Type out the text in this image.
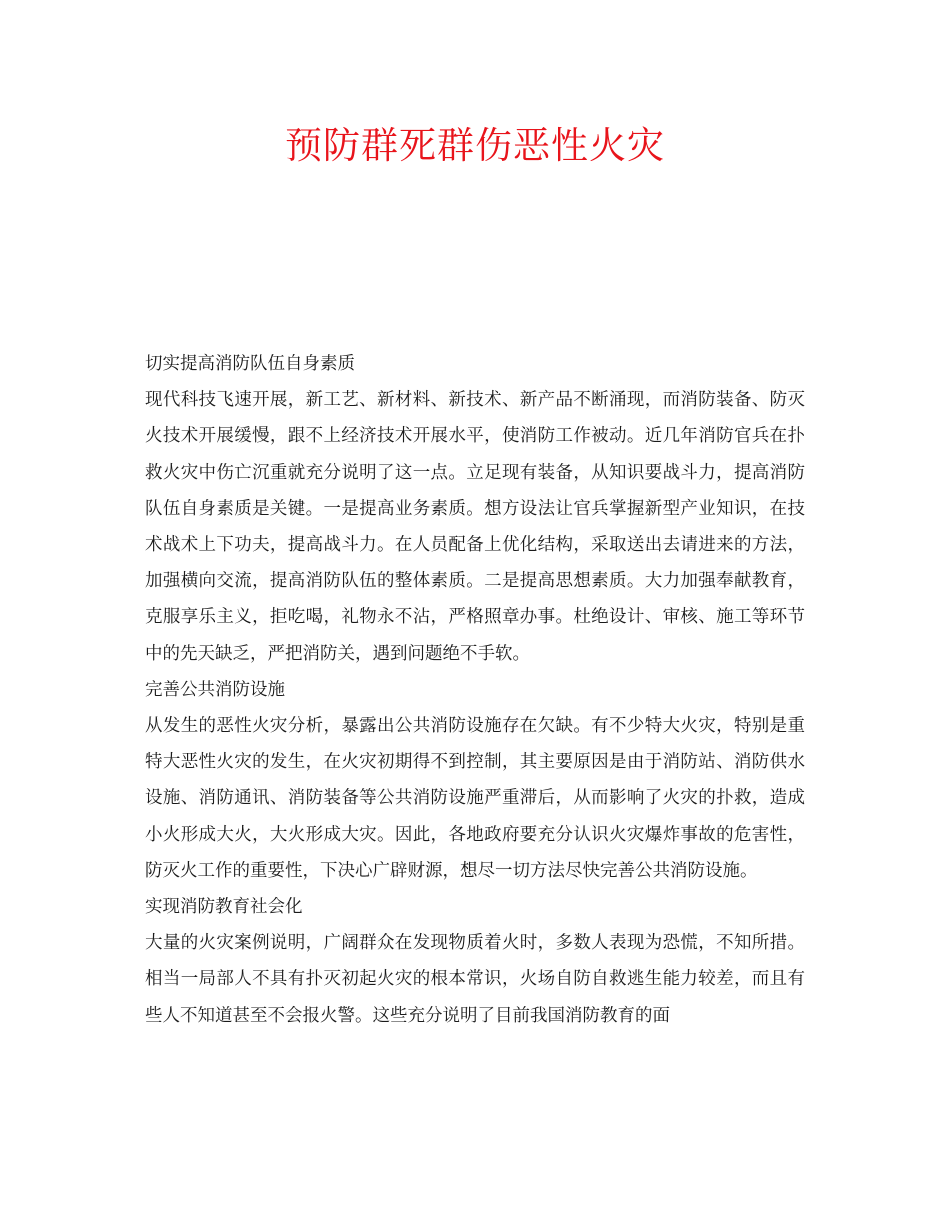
预防群死群伤恶性火灾

切实提高消防队伍自身素质

现代科技飞速开展，新工艺、新材料、新技术、新产品不断涌现，而消防装备、防灭火技术开展缓慢，跟不上经济技术开展水平，使消防工作被动。近几年消防官兵在扑救火灾中伤亡沉重就充分说明了这一点。立足现有装备，从知识要战斗力，提高消防队伍自身素质是关键。一是提高业务素质。想方设法让官兵掌握新型产业知识，在技术战术上下功夫，提高战斗力。在人员配备上优化结构，采取送出去请进来的方法，加强横向交流，提高消防队伍的整体素质。二是提高思想素质。大力加强奉献教育，克服享乐主义，拒吃喝，礼物永不沾，严格照章办事。杜绝设计、审核、施工等环节中的先天缺乏，严把消防关，遇到问题绝不手软。

完善公共消防设施

从发生的恶性火灾分析，暴露出公共消防设施存在欠缺。有不少特大火灾，特别是重特大恶性火灾的发生，在火灾初期得不到控制，其主要原因是由于消防站、消防供水设施、消防通讯、消防装备等公共消防设施严重滞后，从而影响了火灾的扑救，造成小火形成大火，大火形成大灾。因此，各地政府要充分认识火灾爆炸事故的危害性，防灭火工作的重要性，下决心广辟财源，想尽一切方法尽快完善公共消防设施。

实现消防教育社会化

大量的火灾案例说明，广阔群众在发现物质着火时，多数人表现为恐慌，不知所措。相当一局部人不具有扑灭初起火灾的根本常识，火场自防自救逃生能力较差，而且有些人不知道甚至不会报火警。这些充分说明了目前我国消防教育的面
